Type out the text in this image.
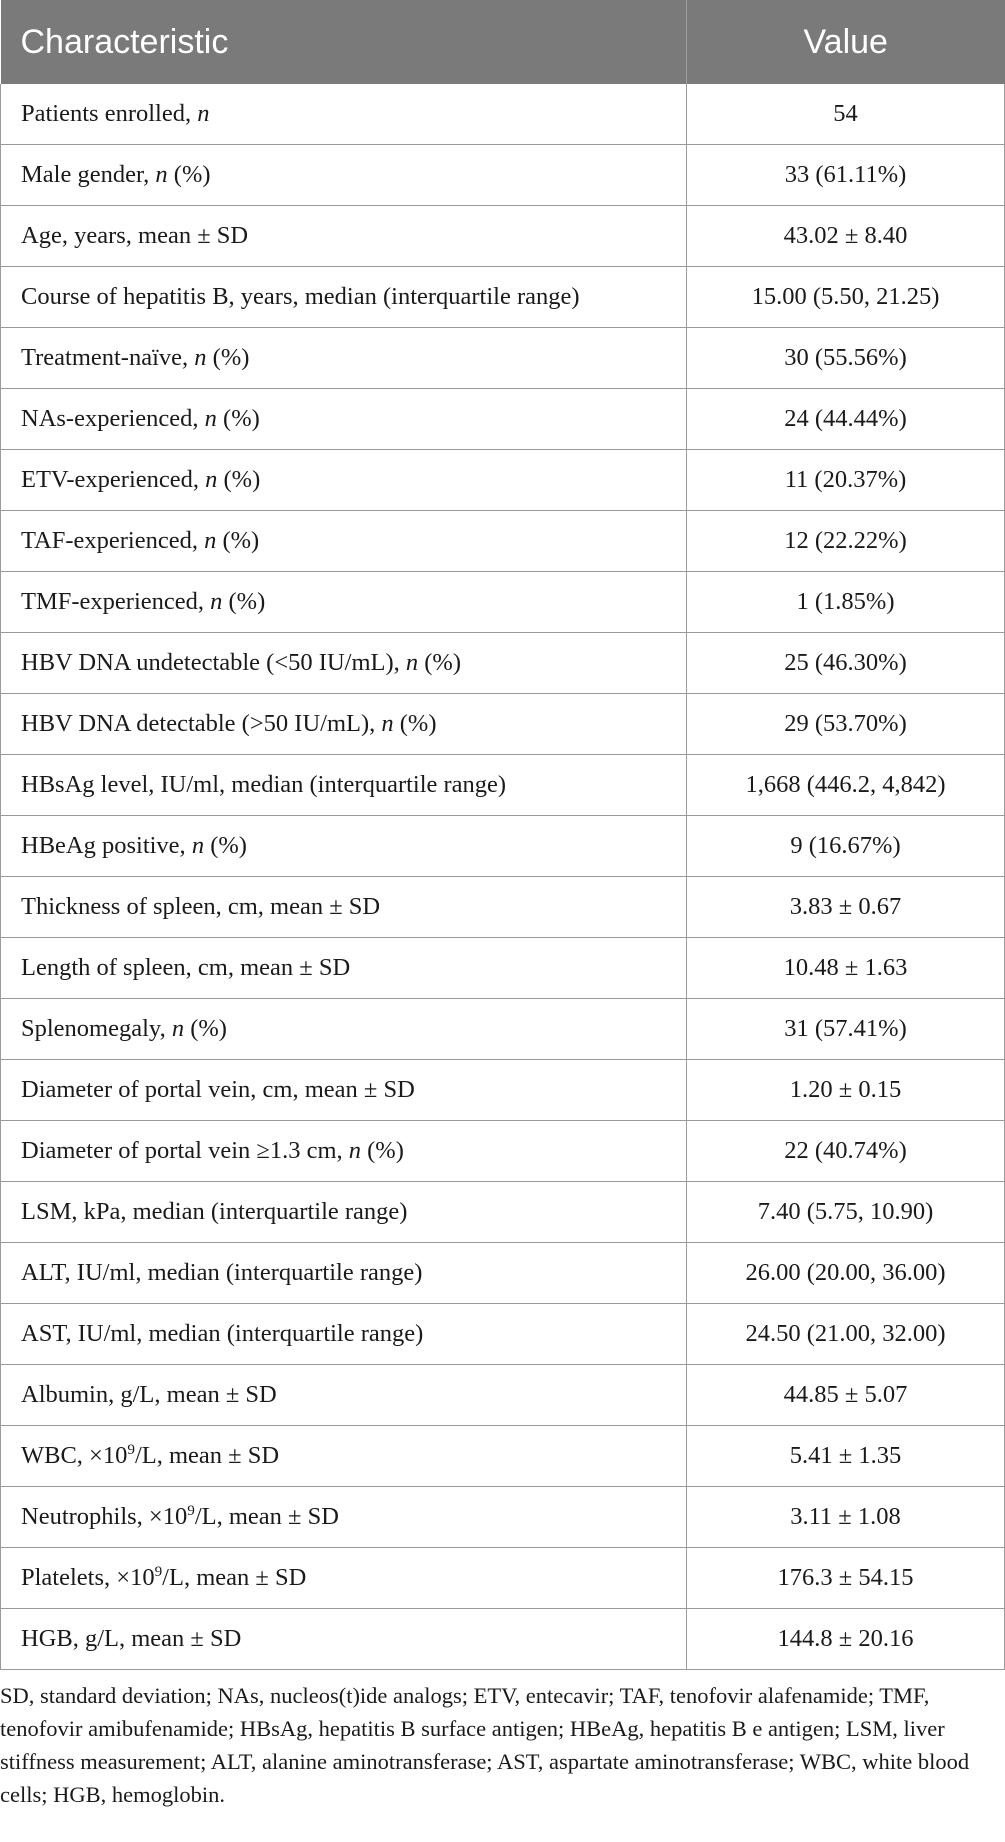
Characteristic	Value
Patients enrolled, n	54
Male gender, n (%)	33 (61.11%)
Age, years, mean ± SD	43.02 ± 8.40
Course of hepatitis B, years, median (interquartile range)	15.00 (5.50, 21.25)
Treatment-naïve, n (%)	30 (55.56%)
NAs-experienced, n (%)	24 (44.44%)
ETV-experienced, n (%)	11 (20.37%)
TAF-experienced, n (%)	12 (22.22%)
TMF-experienced, n (%)	1 (1.85%)
HBV DNA undetectable (<50 IU/mL), n (%)	25 (46.30%)
HBV DNA detectable (>50 IU/mL), n (%)	29 (53.70%)
HBsAg level, IU/ml, median (interquartile range)	1,668 (446.2, 4,842)
HBeAg positive, n (%)	9 (16.67%)
Thickness of spleen, cm, mean ± SD	3.83 ± 0.67
Length of spleen, cm, mean ± SD	10.48 ± 1.63
Splenomegaly, n (%)	31 (57.41%)
Diameter of portal vein, cm, mean ± SD	1.20 ± 0.15
Diameter of portal vein ≥1.3 cm, n (%)	22 (40.74%)
LSM, kPa, median (interquartile range)	7.40 (5.75, 10.90)
ALT, IU/ml, median (interquartile range)	26.00 (20.00, 36.00)
AST, IU/ml, median (interquartile range)	24.50 (21.00, 32.00)
Albumin, g/L, mean ± SD	44.85 ± 5.07
WBC, $\times 10^9/L$, mean ± SD	5.41 ± 1.35
Neutrophils, $\times 10^9/L$, mean ± SD	3.11 ± 1.08
Platelets, $\times 10^9/L$, mean ± SD	176.3 ± 54.15
HGB, g/L, mean ± SD	144.8 ± 20.16
SD, standard deviation; NAs, nucleos(t)ide analogs; ETV, entecavir; TAF, tenofovir alafenamide; TMF, tenofovir amibufenamide; HBsAg, hepatitis B surface antigen; HBeAg, hepatitis B e antigen; LSM, liver stiffness measurement; ALT, alanine aminotransferase; AST, aspartate aminotransferase; WBC, white blood cells; HGB, hemoglobin.
